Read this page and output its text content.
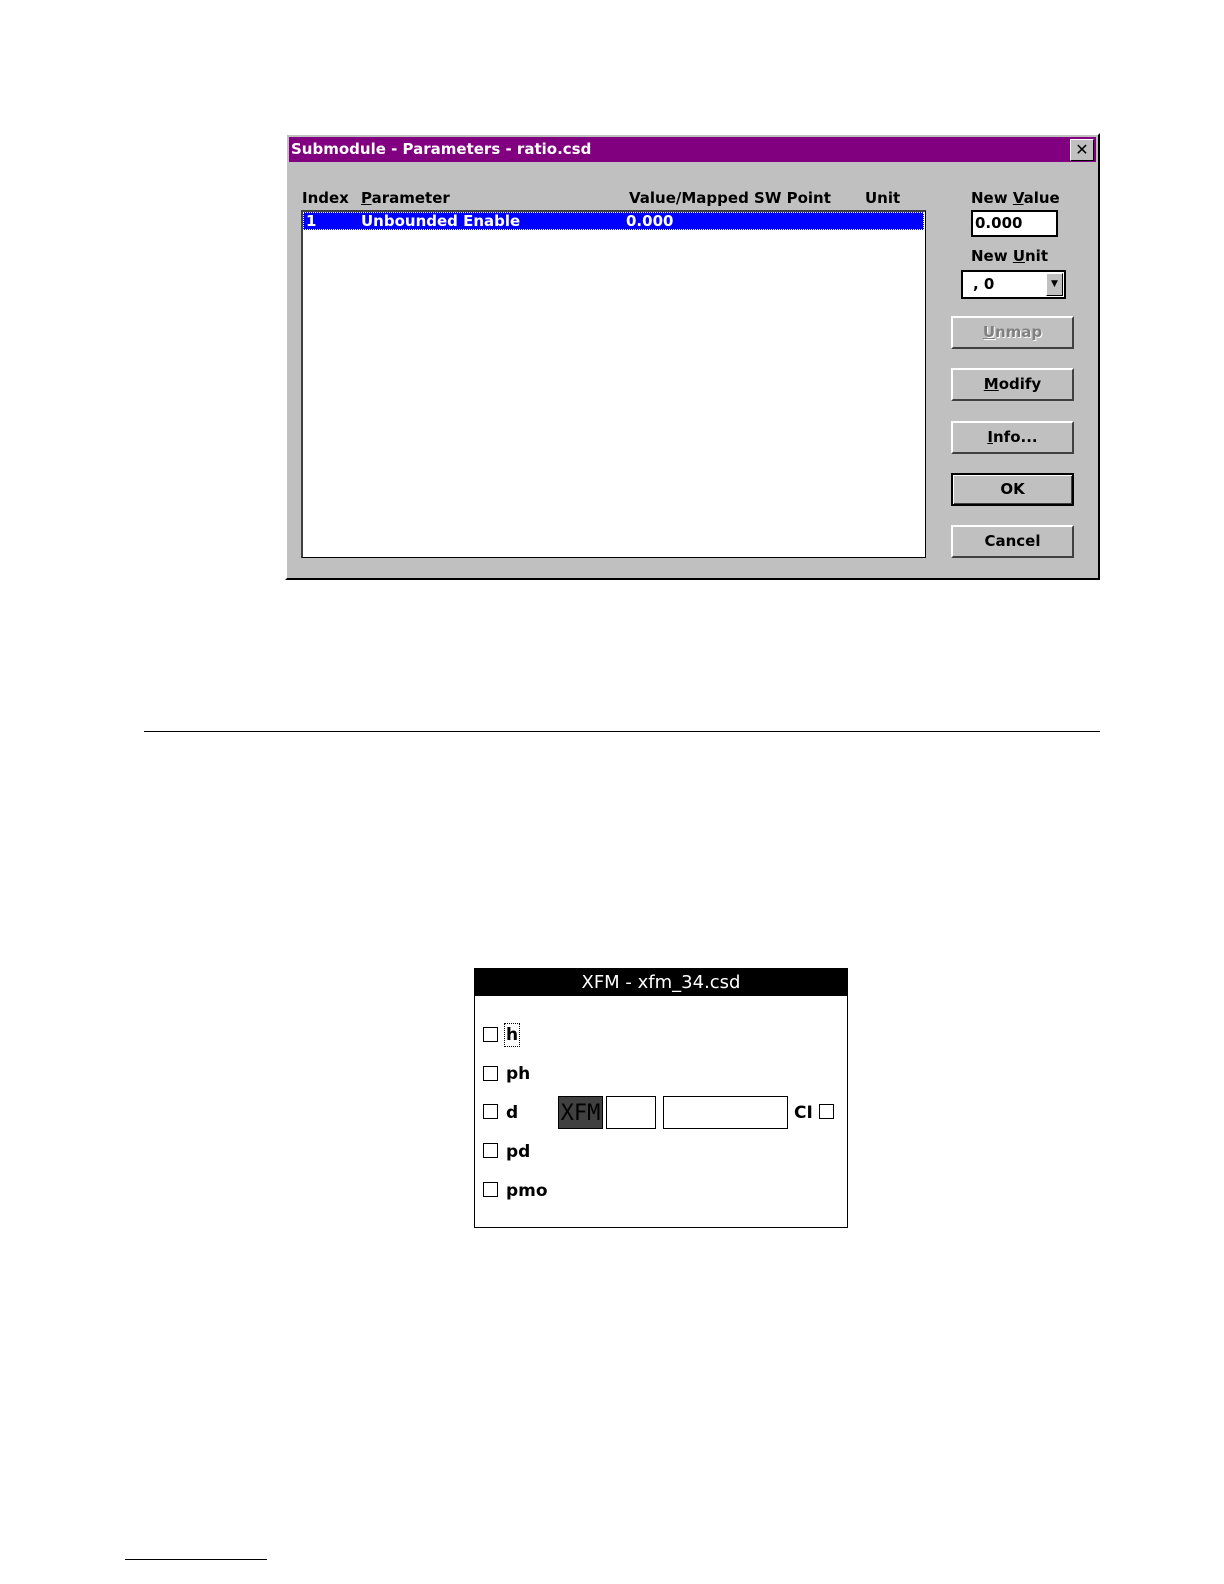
Submodule - Parameters - ratio.csd	✕
Index Parameter	Value/Mapped SW Point Unit
1	Unbounded Enable	0.000
New Value
0.000
New Unit
, 0	▼
Unmap
Modify
Info...
OK
Cancel
XFM - xfm_34.csd
h
ph
d
pd
pmo
XFM	CI
